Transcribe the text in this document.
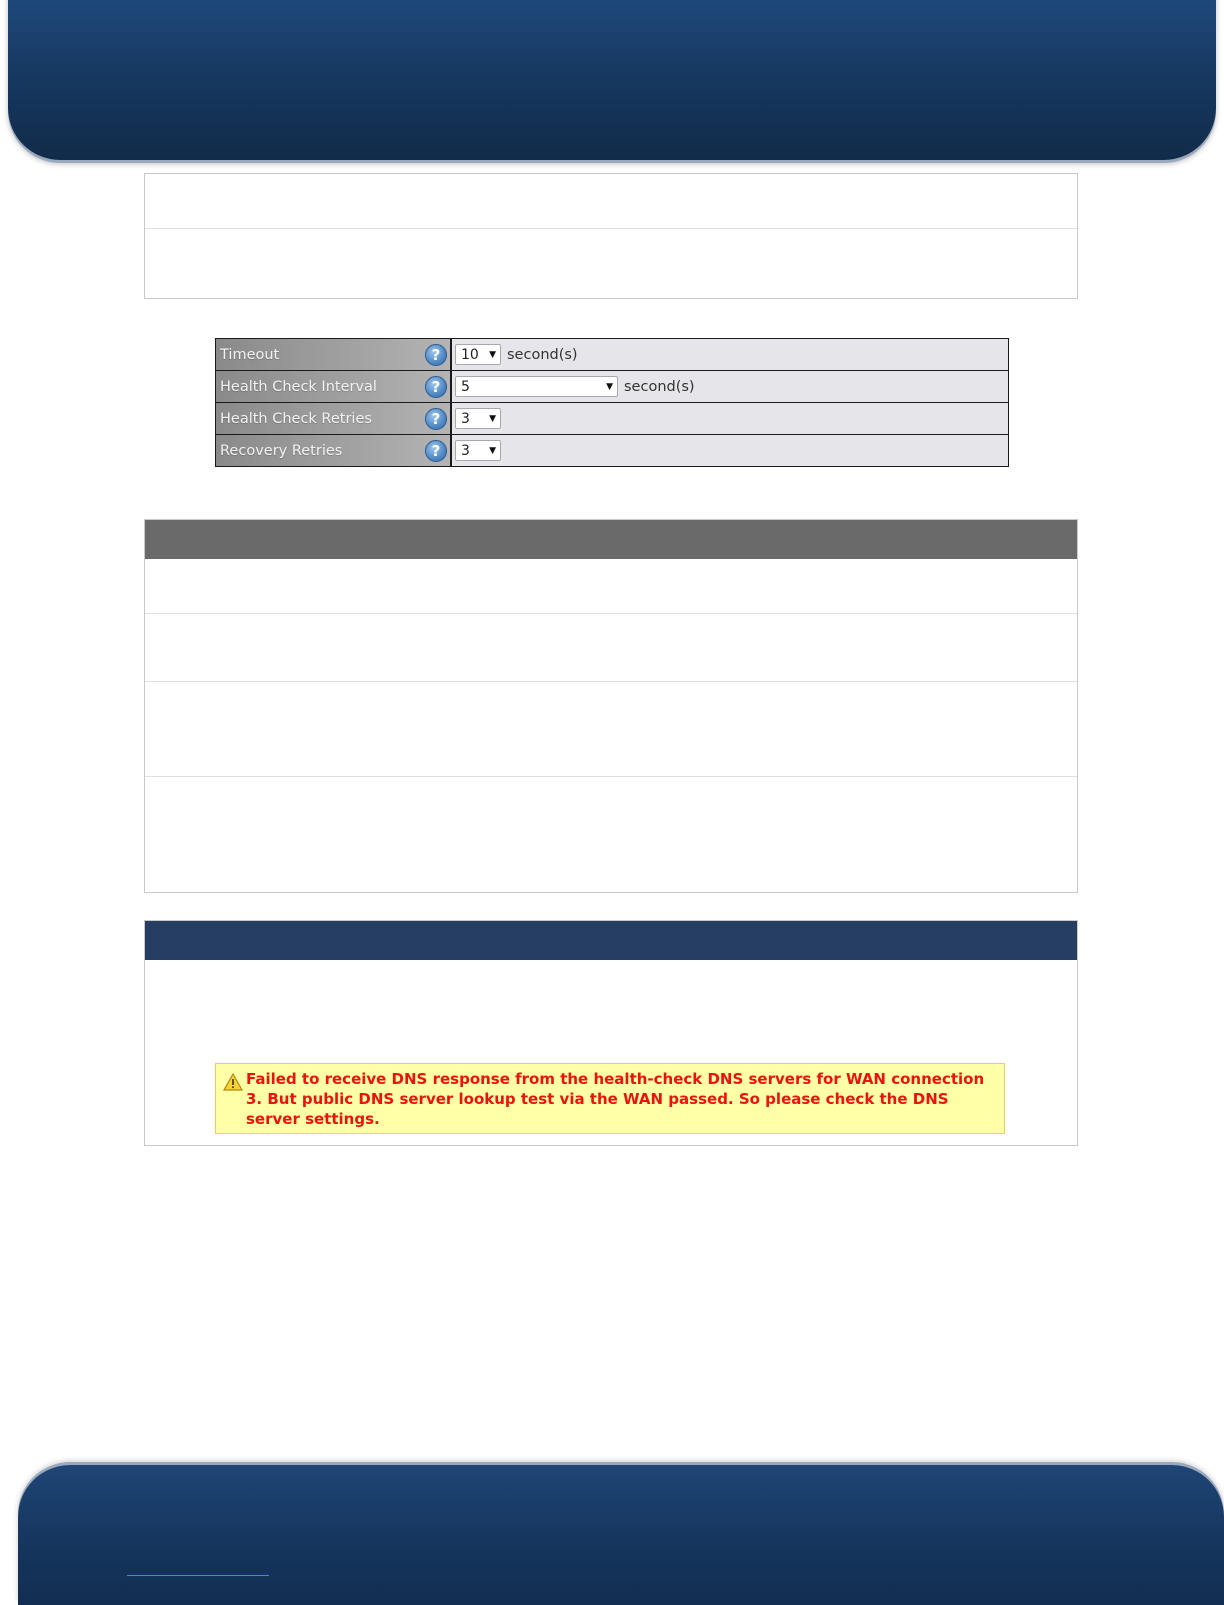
Timeout	?	10 ▼ second(s)
Health Check Interval	?	5	▼ second(s)
Health Check Retries	?	3 ▼
Recovery Retries	?	3 ▼

Failed to receive DNS response from the health-check DNS servers for WAN connection 3. But public DNS server lookup test via the WAN passed. So please check the DNS server settings.
